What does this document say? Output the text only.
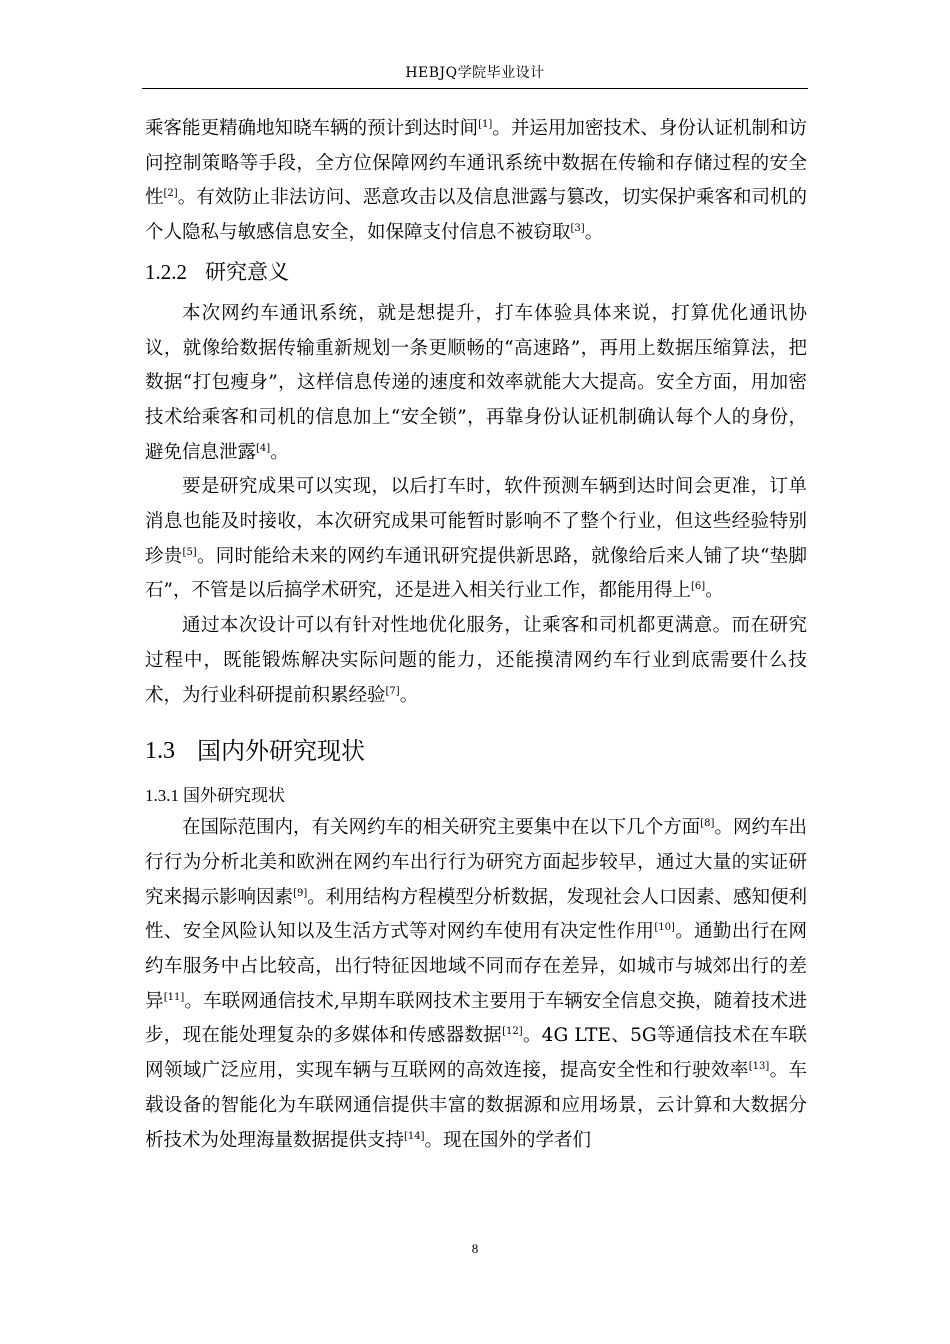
HEBJQ学院毕业设计

乘客能更精确地知晓车辆的预计到达时间[1]。并运用加密技术、身份认证机制和访问控制策略等手段，全方位保障网约车通讯系统中数据在传输和存储过程的安全性[2]。有效防止非法访问、恶意攻击以及信息泄露与篡改，切实保护乘客和司机的个人隐私与敏感信息安全，如保障支付信息不被窃取[3]。

1.2.2 研究意义

本次网约车通讯系统，就是想提升，打车体验具体来说，打算优化通讯协议，就像给数据传输重新规划一条更顺畅的“高速路”，再用上数据压缩算法，把数据“打包瘦身”，这样信息传递的速度和效率就能大大提高。安全方面，用加密技术给乘客和司机的信息加上“安全锁”，再靠身份认证机制确认每个人的身份，避免信息泄露[4]。

要是研究成果可以实现，以后打车时，软件预测车辆到达时间会更准，订单消息也能及时接收，本次研究成果可能暂时影响不了整个行业，但这些经验特别珍贵[5]。同时能给未来的网约车通讯研究提供新思路，就像给后来人铺了块“垫脚石”，不管是以后搞学术研究，还是进入相关行业工作，都能用得上[6]。

通过本次设计可以有针对性地优化服务，让乘客和司机都更满意。而在研究过程中，既能锻炼解决实际问题的能力，还能摸清网约车行业到底需要什么技术，为行业科研提前积累经验[7]。

1.3 国内外研究现状
1.3.1 国外研究现状

在国际范围内，有关网约车的相关研究主要集中在以下几个方面[8]。网约车出行行为分析北美和欧洲在网约车出行行为研究方面起步较早，通过大量的实证研究来揭示影响因素[9]。利用结构方程模型分析数据，发现社会人口因素、感知便利性、安全风险认知以及生活方式等对网约车使用有决定性作用[10]。通勤出行在网约车服务中占比较高，出行特征因地域不同而存在差异，如城市与城郊出行的差异[11]。车联网通信技术,早期车联网技术主要用于车辆安全信息交换，随着技术进步，现在能处理复杂的多媒体和传感器数据[12]。4G LTE、5G等通信技术在车联网领域广泛应用，实现车辆与互联网的高效连接，提高安全性和行驶效率[13]。车载设备的智能化为车联网通信提供丰富的数据源和应用场景，云计算和大数据分析技术为处理海量数据提供支持[14]。现在国外的学者们

8
